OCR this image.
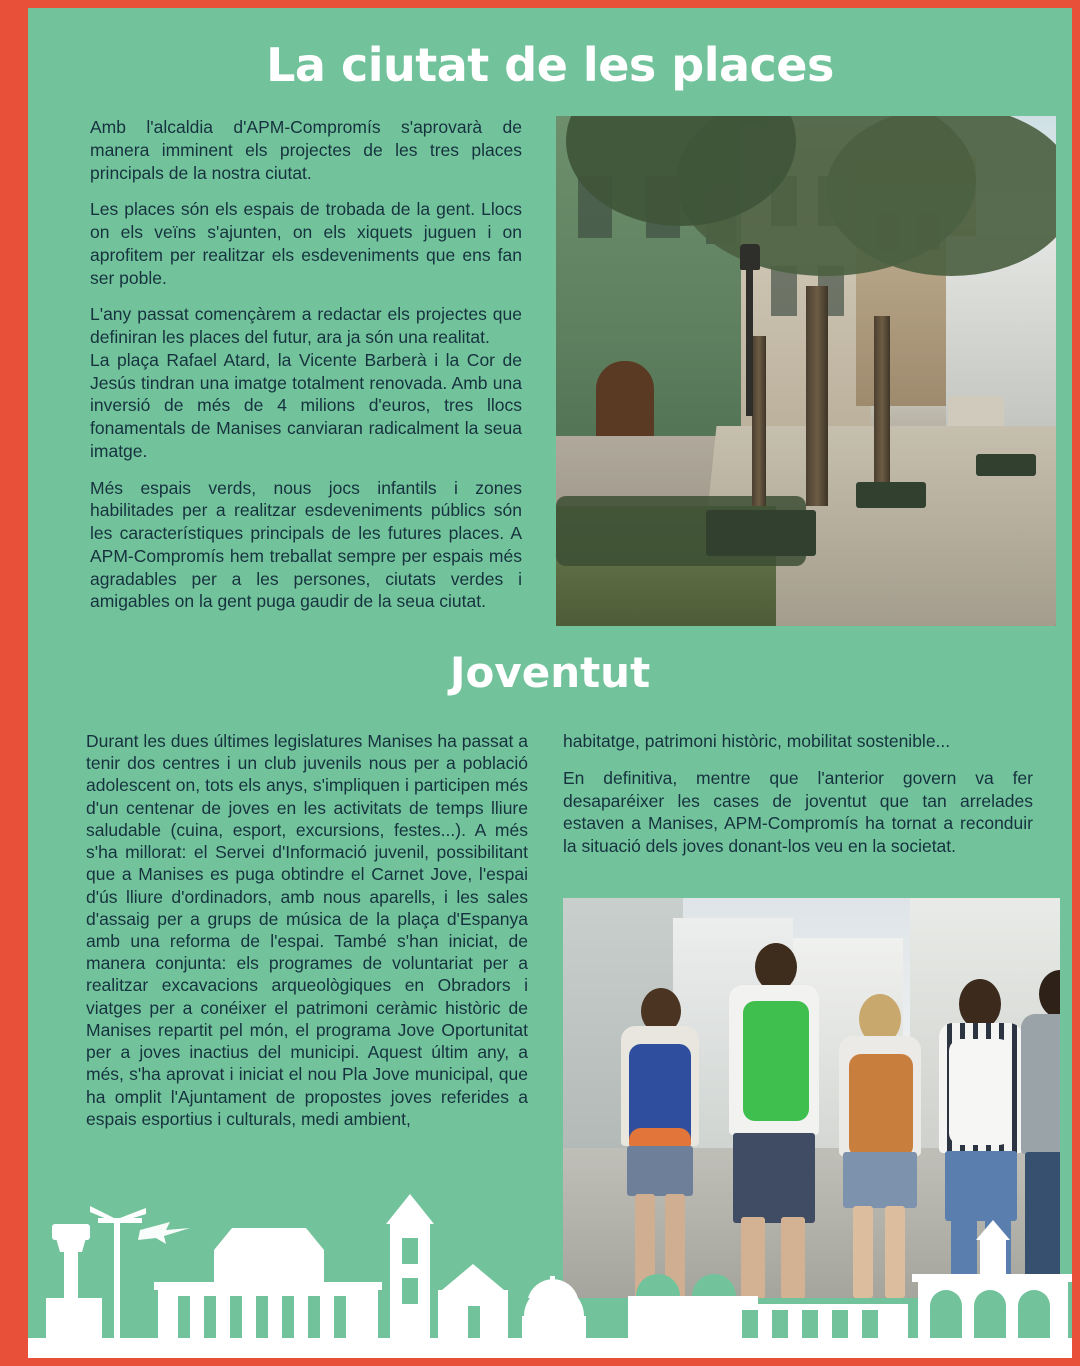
La ciutat de les places

Amb l'alcaldia d'APM-Compromís s'aprovarà de manera imminent els projectes de les tres places principals de la nostra ciutat.

Les places són els espais de trobada de la gent. Llocs on els veïns s'ajunten, on els xiquets juguen i on aprofitem per realitzar els esdeveniments que ens fan ser poble.

L'any passat començàrem a redactar els projectes que definiran les places del futur, ara ja són una realitat.

La plaça Rafael Atard, la Vicente Barberà i la Cor de Jesús tindran una imatge totalment renovada. Amb una inversió de més de 4 milions d'euros, tres llocs fonamentals de Manises canviaran radicalment la seua imatge.

Més espais verds, nous jocs infantils i zones habilitades per a realitzar esdeveniments públics són les característiques principals de les futures places. A APM-Compromís hem treballat sempre per espais més agradables per a les persones, ciutats verdes i amigables on la gent puga gaudir de la seua ciutat.

Joventut

Durant les dues últimes legislatures Manises ha passat a tenir dos centres i un club juvenils nous per a població adolescent on, tots els anys, s'impliquen i participen més d'un centenar de joves en les activitats de temps lliure saludable (cuina, esport, excursions, festes...). A més s'ha millorat: el Servei d'Informació juvenil, possibilitant que a Manises es puga obtindre el Carnet Jove, l'espai d'ús lliure d'ordinadors, amb nous aparells, i les sales d'assaig per a grups de música de la plaça d'Espanya amb una reforma de l'espai. També s'han iniciat, de manera conjunta: els programes de voluntariat per a realitzar excavacions arqueològiques en Obradors i viatges per a conéixer el patrimoni ceràmic històric de Manises repartit pel món, el programa Jove Oportunitat per a joves inactius del municipi. Aquest últim any, a més, s'ha aprovat i iniciat el nou Pla Jove municipal, que ha omplit l'Ajuntament de propostes joves referides a espais esportius i culturals, medi ambient,

habitatge, patrimoni històric, mobilitat sostenible...

En definitiva, mentre que l'anterior govern va fer desaparéixer les cases de joventut que tan arrelades estaven a Manises, APM-Compromís ha tornat a reconduir la situació dels joves donant-los veu en la societat.
